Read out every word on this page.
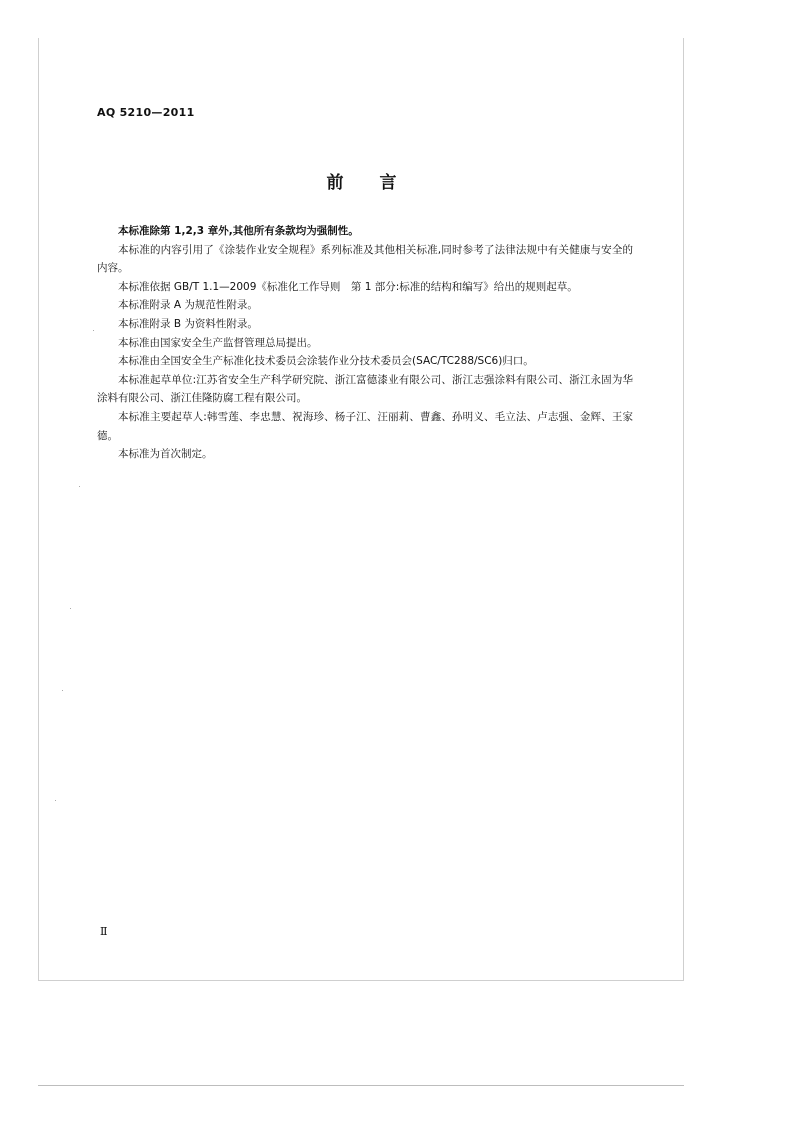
AQ 5210—2011
前言

本标准除第 1,2,3 章外,其他所有条款均为强制性。

本标准的内容引用了《涂装作业安全规程》系列标准及其他相关标准,同时参考了法律法规中有关健康与安全的内容。

本标准依据 GB/T 1.1—2009《标准化工作导则　第 1 部分:标准的结构和编写》给出的规则起草。

本标准附录 A 为规范性附录。

本标准附录 B 为资料性附录。

本标准由国家安全生产监督管理总局提出。

本标准由全国安全生产标准化技术委员会涂装作业分技术委员会(SAC/TC288/SC6)归口。

本标准起草单位:江苏省安全生产科学研究院、浙江富德漆业有限公司、浙江志强涂料有限公司、浙江永固为华涂料有限公司、浙江佳隆防腐工程有限公司。

本标准主要起草人:韩雪莲、李忠慧、祝海珍、杨子江、汪丽莉、曹鑫、孙明义、毛立法、卢志强、金辉、王家德。

本标准为首次制定。

Ⅱ
